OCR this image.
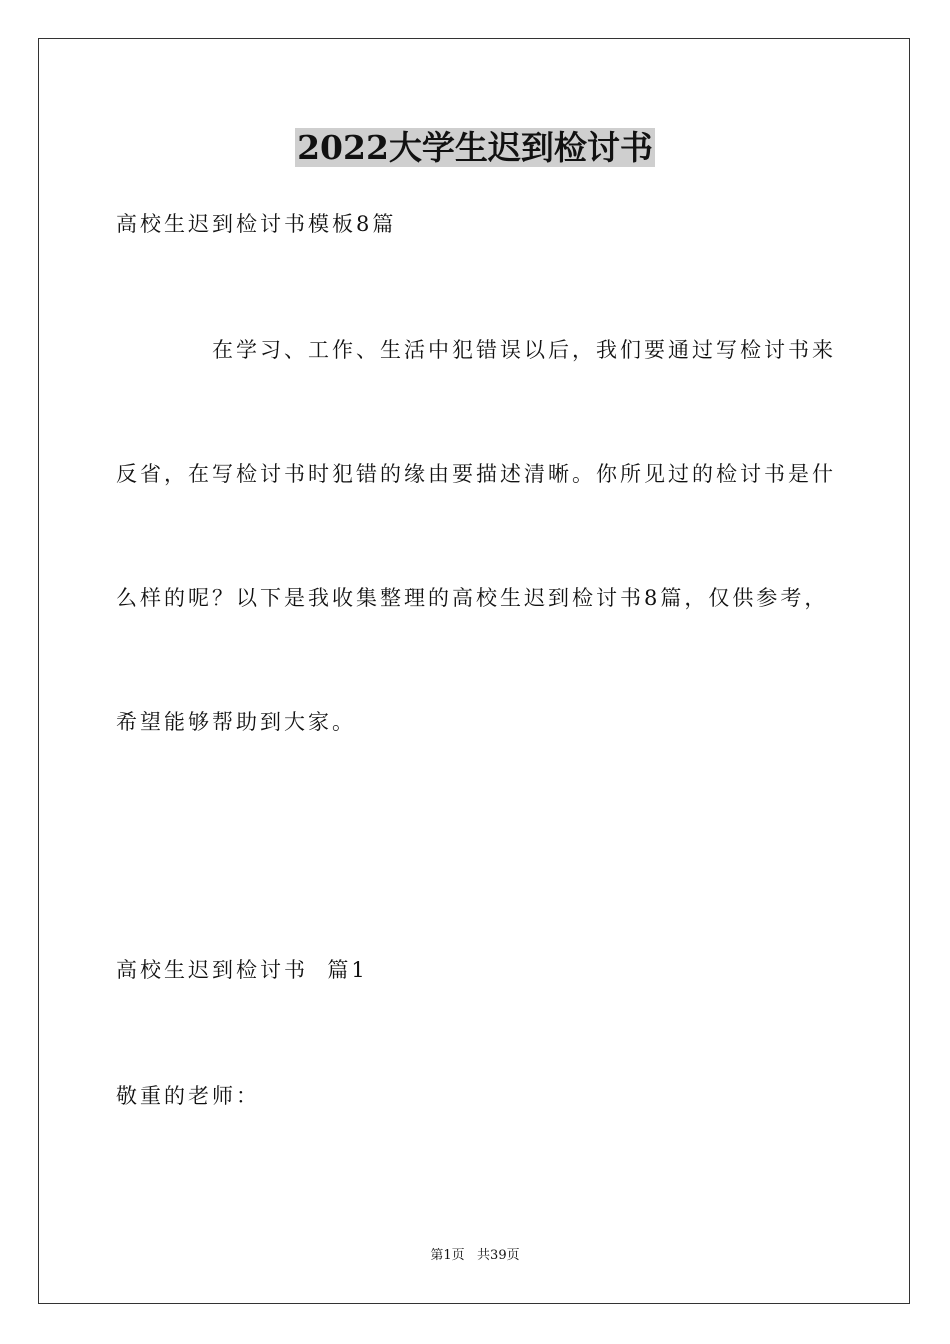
2022大学生迟到检讨书
高校生迟到检讨书模板8篇
在学习、工作、生活中犯错误以后，我们要通过写检讨书来
反省，在写检讨书时犯错的缘由要描述清晰。你所见过的检讨书是什
么样的呢？以下是我收集整理的高校生迟到检讨书8篇，仅供参考，
希望能够帮助到大家。
高校生迟到检讨书  篇1
敬重的老师：
第1页   共39页
